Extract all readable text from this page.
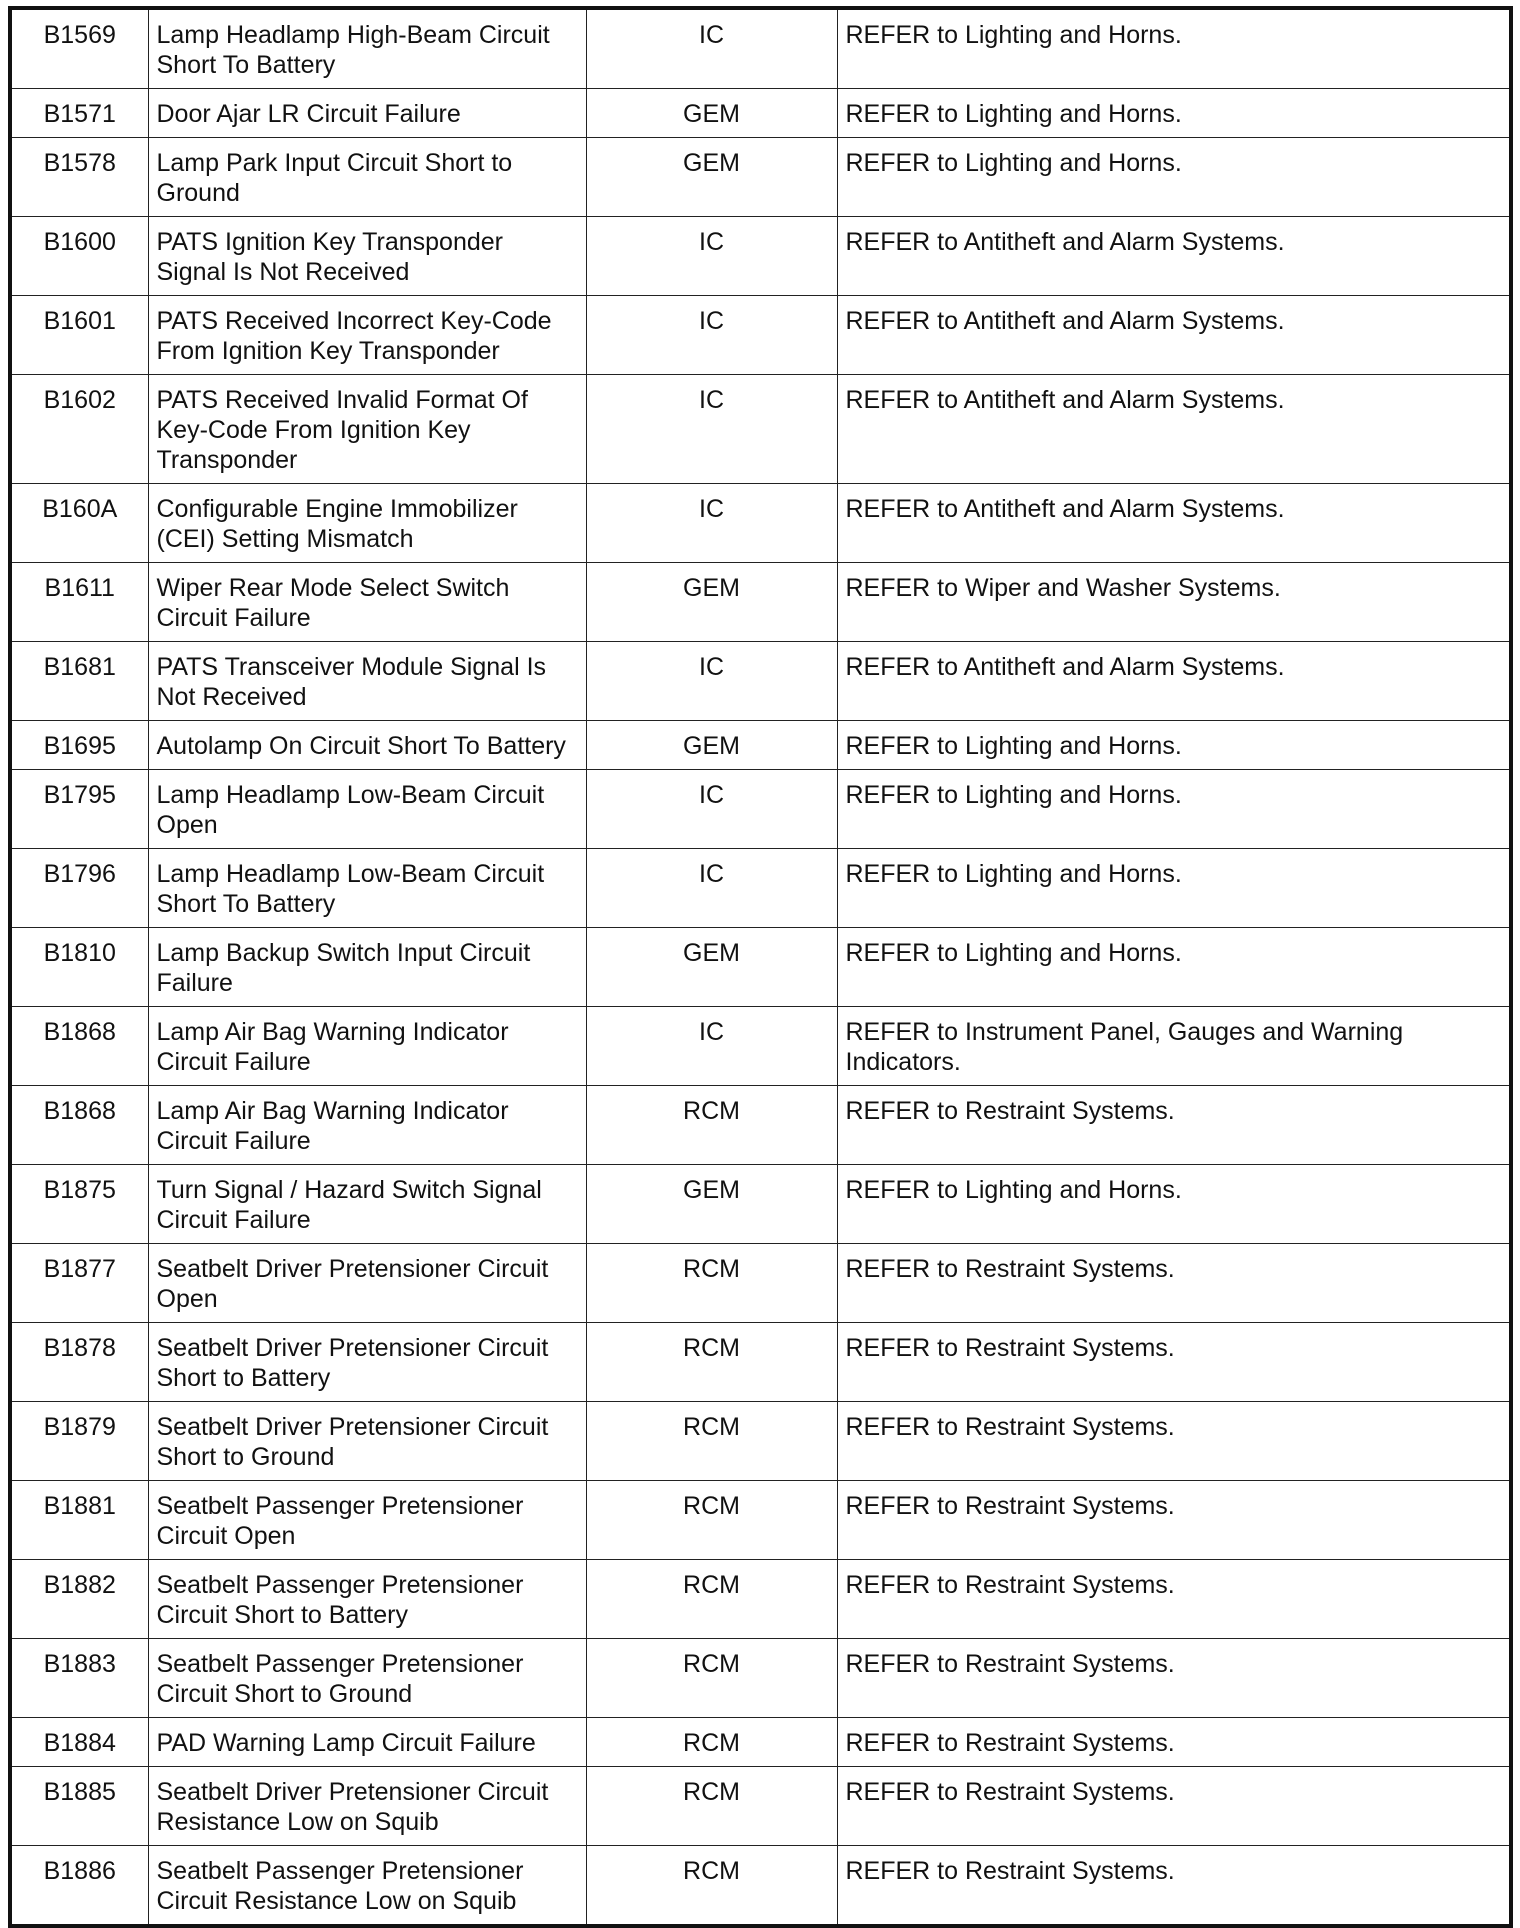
B1569	Lamp Headlamp High-Beam Circuit Short To Battery	IC	REFER to Lighting and Horns.
B1571	Door Ajar LR Circuit Failure	GEM	REFER to Lighting and Horns.
B1578	Lamp Park Input Circuit Short to Ground	GEM	REFER to Lighting and Horns.
B1600	PATS Ignition Key Transponder Signal Is Not Received	IC	REFER to Antitheft and Alarm Systems.
B1601	PATS Received Incorrect Key-Code From Ignition Key Transponder	IC	REFER to Antitheft and Alarm Systems.
B1602	PATS Received Invalid Format Of Key-Code From Ignition Key Transponder	IC	REFER to Antitheft and Alarm Systems.
B160A	Configurable Engine Immobilizer (CEI) Setting Mismatch	IC	REFER to Antitheft and Alarm Systems.
B1611	Wiper Rear Mode Select Switch Circuit Failure	GEM	REFER to Wiper and Washer Systems.
B1681	PATS Transceiver Module Signal Is Not Received	IC	REFER to Antitheft and Alarm Systems.
B1695	Autolamp On Circuit Short To Battery	GEM	REFER to Lighting and Horns.
B1795	Lamp Headlamp Low-Beam Circuit Open	IC	REFER to Lighting and Horns.
B1796	Lamp Headlamp Low-Beam Circuit Short To Battery	IC	REFER to Lighting and Horns.
B1810	Lamp Backup Switch Input Circuit Failure	GEM	REFER to Lighting and Horns.
B1868	Lamp Air Bag Warning Indicator Circuit Failure	IC	REFER to Instrument Panel, Gauges and Warning Indicators.
B1868	Lamp Air Bag Warning Indicator Circuit Failure	RCM	REFER to Restraint Systems.
B1875	Turn Signal / Hazard Switch Signal Circuit Failure	GEM	REFER to Lighting and Horns.
B1877	Seatbelt Driver Pretensioner Circuit Open	RCM	REFER to Restraint Systems.
B1878	Seatbelt Driver Pretensioner Circuit Short to Battery	RCM	REFER to Restraint Systems.
B1879	Seatbelt Driver Pretensioner Circuit Short to Ground	RCM	REFER to Restraint Systems.
B1881	Seatbelt Passenger Pretensioner Circuit Open	RCM	REFER to Restraint Systems.
B1882	Seatbelt Passenger Pretensioner Circuit Short to Battery	RCM	REFER to Restraint Systems.
B1883	Seatbelt Passenger Pretensioner Circuit Short to Ground	RCM	REFER to Restraint Systems.
B1884	PAD Warning Lamp Circuit Failure	RCM	REFER to Restraint Systems.
B1885	Seatbelt Driver Pretensioner Circuit Resistance Low on Squib	RCM	REFER to Restraint Systems.
B1886	Seatbelt Passenger Pretensioner Circuit Resistance Low on Squib	RCM	REFER to Restraint Systems.
